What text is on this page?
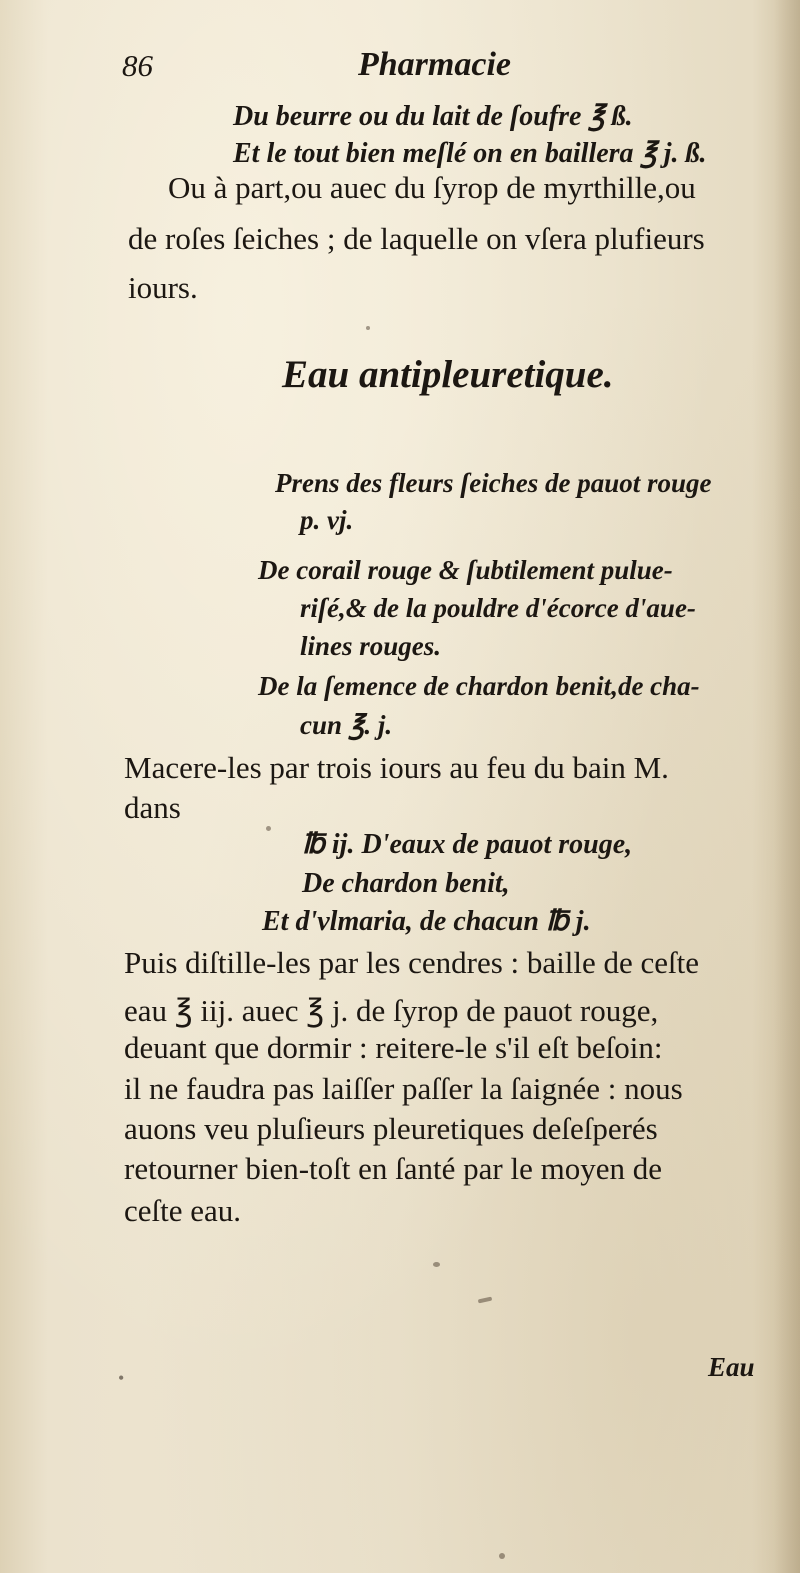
86	Pharmacie
Du beurre ou du lait de ſoufre ℥ ß.
Et le tout bien meſlé on en baillera ℥ j. ß.
Ou à part,ou auec du ſyrop de myrthille,ou
de roſes ſeiches ; de laquelle on vſera plufieurs
iours.
Eau antipleuretique.
Prens des fleurs ſeiches de pauot rouge
p. vj.
De corail rouge & ſubtilement pulue-
riſé,& de la pouldre d'écorce d'aue-
lines rouges.
De la ſemence de chardon benit,de cha-
cun ℥. j.
Macere-les par trois iours au feu du bain M.
dans
℔ ij. D'eaux de pauot rouge,
De chardon benit,
Et d'vlmaria, de chacun ℔ j.
Puis diſtille-les par les cendres : baille de ceſte
eau ℥ iij. auec ℥ j. de ſyrop de pauot rouge,
deuant que dormir : reitere-le s'il eſt beſoin:
il ne faudra pas laiſſer paſſer la ſaignée : nous
auons veu pluſieurs pleuretiques deſeſperés
retourner bien-toſt en ſanté par le moyen de
ceſte eau.
Eau
•
